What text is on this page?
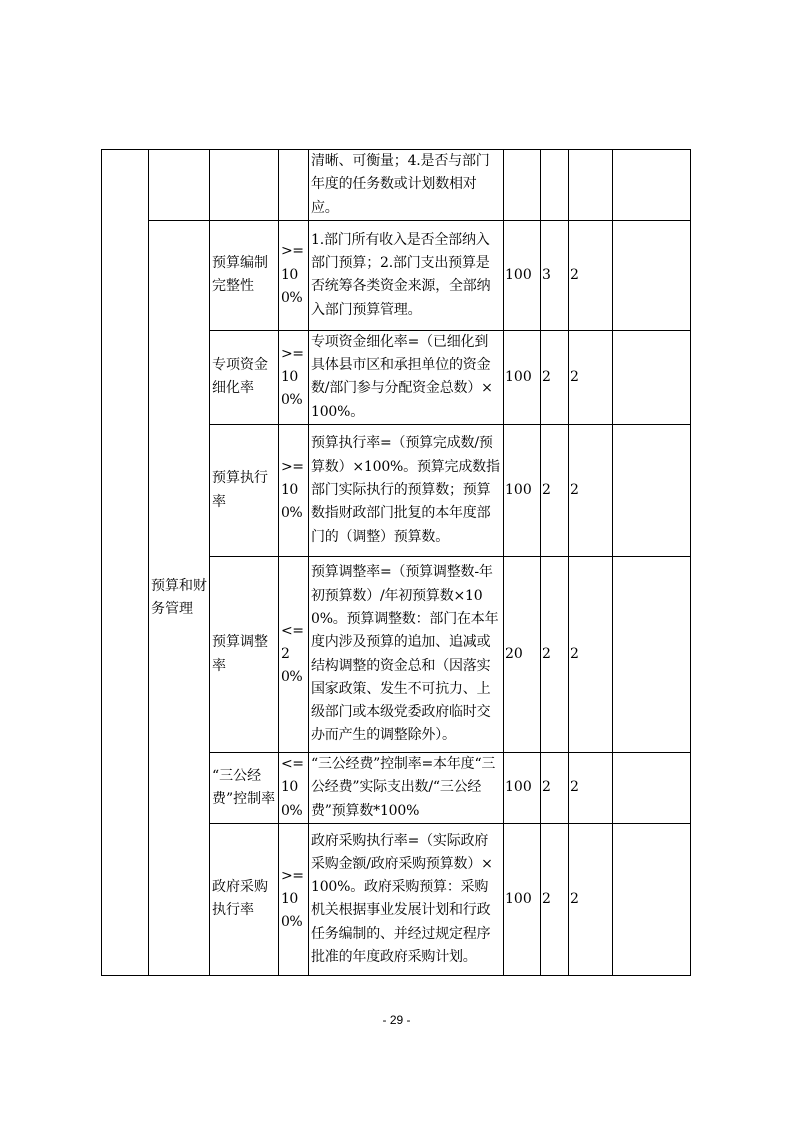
				清晰、可衡量；4.是否与部门年度的任务数或计划数相对应。				

	预算和财务管理	预算编制完整性	>=100%	1.部门所有收入是否全部纳入部门预算；2.部门支出预算是否统筹各类资金来源，全部纳入部门预算管理。	100	3	2	

		专项资金细化率	>=100%	专项资金细化率=（已细化到具体县市区和承担单位的资金数/部门参与分配资金总数）×100%。	100	2	2	

		预算执行率	>=100%	预算执行率=（预算完成数/预算数）×100%。预算完成数指部门实际执行的预算数；预算数指财政部门批复的本年度部门的（调整）预算数。	100	2	2	

		预算调整率	<=20%	预算调整率=（预算调整数-年初预算数）/年初预算数×100%。预算调整数：部门在本年度内涉及预算的追加、追减或结构调整的资金总和（因落实国家政策、发生不可抗力、上级部门或本级党委政府临时交办而产生的调整除外）。	20	2	2	

		“三公经费”控制率	<=100%	“三公经费”控制率=本年度“三公经费”实际支出数/“三公经费”预算数*100%	100	2	2	

		政府采购执行率	>=100%	政府采购执行率=（实际政府采购金额/政府采购预算数）×100%。政府采购预算：采购机关根据事业发展计划和行政任务编制的、并经过规定程序批准的年度政府采购计划。	100	2	2	

- 29 -
